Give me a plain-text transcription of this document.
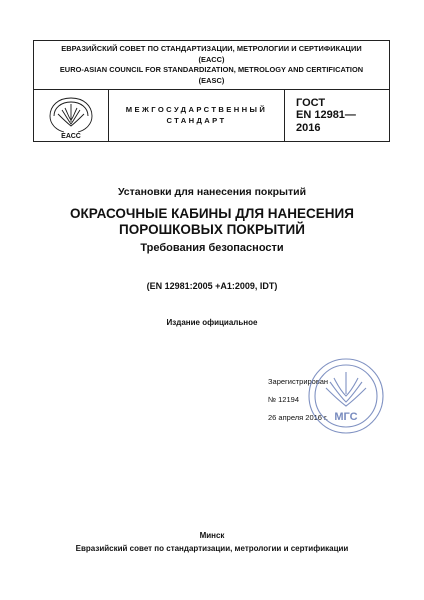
ЕВРАЗИЙСКИЙ СОВЕТ ПО СТАНДАРТИЗАЦИИ, МЕТРОЛОГИИ И СЕРТИФИКАЦИИ
(ЕАСС)
EURO-ASIAN COUNCIL FOR STANDARDIZATION, METROLOGY AND CERTIFICATION
(EASC)
ЕАСС
МЕЖГОСУДАРСТВЕННЫЙ
СТАНДАРТ
ГОСТ
EN 12981—
2016
Установки для нанесения покрытий
ОКРАСОЧНЫЕ КАБИНЫ ДЛЯ НАНЕСЕНИЯ
ПОРОШКОВЫХ ПОКРЫТИЙ
Требования безопасности
(EN 12981:2005 +A1:2009, IDT)
Издание официальное
Зарегистрирован
№ 12194
26 апреля 2016 г. МГС
Минск
Евразийский совет по стандартизации, метрологии и сертификации
